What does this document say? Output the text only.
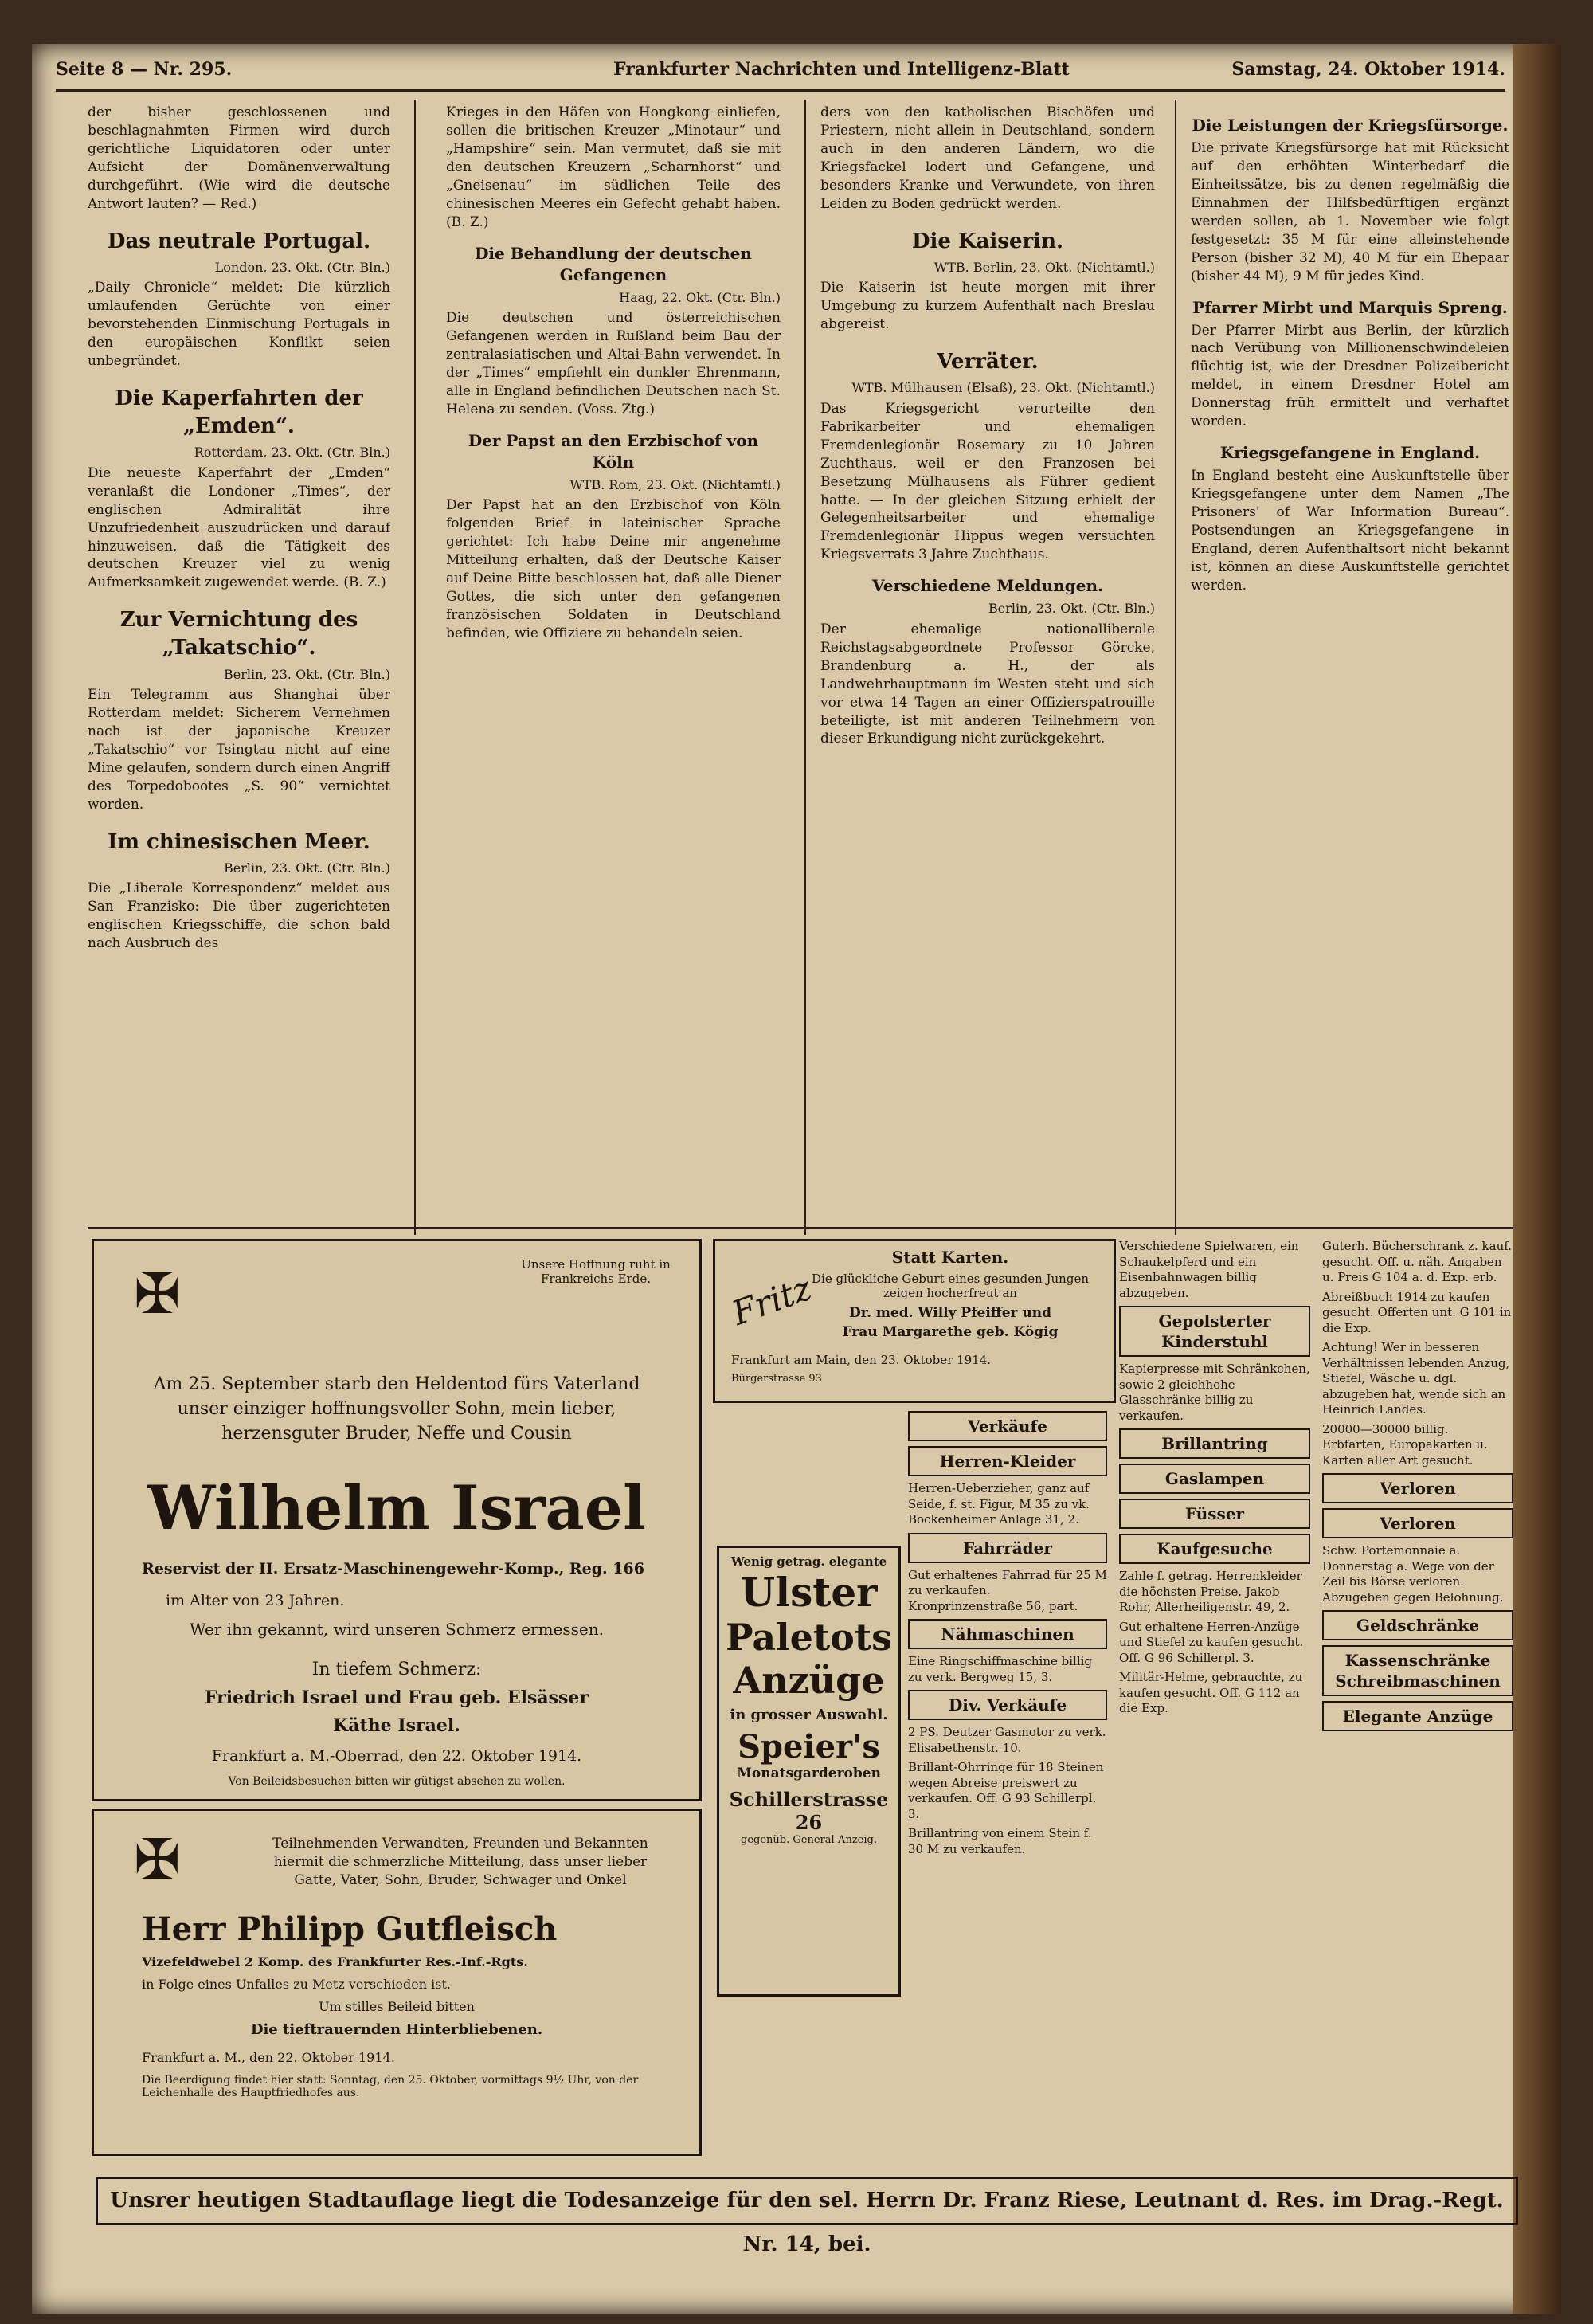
Seite 8 — Nr. 295.	Frankfurter Nachrichten und Intelligenz-Blatt	Samstag, 24. Oktober 1914.

der bisher geschlossenen und beschlagnahmten Firmen wird durch gerichtliche Liquidatoren oder unter Aufsicht der Domänenverwaltung durchgeführt. (Wie wird die deutsche Antwort lauten? — Red.)

Das neutrale Portugal.
London, 23. Okt. (Ctr. Bln.)

„Daily Chronicle“ meldet: Die kürzlich umlaufenden Gerüchte von einer bevorstehenden Einmischung Portugals in den europäischen Konflikt seien unbegründet.

Die Kaperfahrten der „Emden“.
Rotterdam, 23. Okt. (Ctr. Bln.)

Die neueste Kaperfahrt der „Emden“ veranlaßt die Londoner „Times“, der englischen Admiralität ihre Unzufriedenheit auszudrücken und darauf hinzuweisen, daß die Tätigkeit des deutschen Kreuzer viel zu wenig Aufmerksamkeit zugewendet werde. (B. Z.)

Zur Vernichtung des „Takatschio“.
Berlin, 23. Okt. (Ctr. Bln.)

Ein Telegramm aus Shanghai über Rotterdam meldet: Sicherem Vernehmen nach ist der japanische Kreuzer „Takatschio“ vor Tsingtau nicht auf eine Mine gelaufen, sondern durch einen Angriff des Torpedobootes „S. 90“ vernichtet worden.

Im chinesischen Meer.
Berlin, 23. Okt. (Ctr. Bln.)

Die „Liberale Korrespondenz“ meldet aus San Franzisko: Die über zugerichteten englischen Kriegsschiffe, die schon bald nach Ausbruch des

Krieges in den Häfen von Hongkong einliefen, sollen die britischen Kreuzer „Minotaur“ und „Hampshire“ sein. Man vermutet, daß sie mit den deutschen Kreuzern „Scharnhorst“ und „Gneisenau“ im südlichen Teile des chinesischen Meeres ein Gefecht gehabt haben. (B. Z.)

Die Behandlung der deutschen Gefangenen
Haag, 22. Okt. (Ctr. Bln.)

Die deutschen und österreichischen Gefangenen werden in Rußland beim Bau der zentralasiatischen und Altai-Bahn verwendet. In der „Times“ empfiehlt ein dunkler Ehrenmann, alle in England befindlichen Deutschen nach St. Helena zu senden. (Voss. Ztg.)

Der Papst an den Erzbischof von Köln
WTB. Rom, 23. Okt. (Nichtamtl.)

Der Papst hat an den Erzbischof von Köln folgenden Brief in lateinischer Sprache gerichtet: Ich habe Deine mir angenehme Mitteilung erhalten, daß der Deutsche Kaiser auf Deine Bitte beschlossen hat, daß alle Diener Gottes, die sich unter den gefangenen französischen Soldaten in Deutschland befinden, wie Offiziere zu behandeln seien.

ders von den katholischen Bischöfen und Priestern, nicht allein in Deutschland, sondern auch in den anderen Ländern, wo die Kriegsfackel lodert und Gefangene, und besonders Kranke und Verwundete, von ihren Leiden zu Boden gedrückt werden.

Die Kaiserin.
WTB. Berlin, 23. Okt. (Nichtamtl.)

Die Kaiserin ist heute morgen mit ihrer Umgebung zu kurzem Aufenthalt nach Breslau abgereist.

Verräter.
WTB. Mülhausen (Elsaß), 23. Okt. (Nichtamtl.)

Das Kriegsgericht verurteilte den Fabrikarbeiter und ehemaligen Fremdenlegionär Rosemary zu 10 Jahren Zuchthaus, weil er den Franzosen bei Besetzung Mülhausens als Führer gedient hatte. — In der gleichen Sitzung erhielt der Gelegenheitsarbeiter und ehemalige Fremdenlegionär Hippus wegen versuchten Kriegsverrats 3 Jahre Zuchthaus.

Verschiedene Meldungen.
Berlin, 23. Okt. (Ctr. Bln.)

Der ehemalige nationalliberale Reichstagsabgeordnete Professor Görcke, Brandenburg a. H., der als Landwehrhauptmann im Westen steht und sich vor etwa 14 Tagen an einer Offizierspatrouille beteiligte, ist mit anderen Teilnehmern von dieser Erkundigung nicht zurückgekehrt.

Die Leistungen der Kriegsfürsorge.

Die private Kriegsfürsorge hat mit Rücksicht auf den erhöhten Winterbedarf die Einheitssätze, bis zu denen regelmäßig die Einnahmen der Hilfsbedürftigen ergänzt werden sollen, ab 1. November wie folgt festgesetzt: 35 M für eine alleinstehende Person (bisher 32 M), 40 M für ein Ehepaar (bisher 44 M), 9 M für jedes Kind.

Pfarrer Mirbt und Marquis Spreng.

Der Pfarrer Mirbt aus Berlin, der kürzlich nach Verübung von Millionenschwindeleien flüchtig ist, wie der Dresdner Polizeibericht meldet, in einem Dresdner Hotel am Donnerstag früh ermittelt und verhaftet worden.

Kriegsgefangene in England.

In England besteht eine Auskunftstelle über Kriegsgefangene unter dem Namen „The Prisoners' of War Information Bureau“. Postsendungen an Kriegsgefangene in England, deren Aufenthaltsort nicht bekannt ist, können an diese Auskunftstelle gerichtet werden.

✠	Unsere Hoffnung ruht in Frankreichs Erde.
Am 25. September starb den Heldentod fürs Vaterland unser einziger hoffnungsvoller Sohn, mein lieber, herzensguter Bruder, Neffe und Cousin
Wilhelm Israel
Reservist der II. Ersatz-Maschinengewehr-Komp., Reg. 166
im Alter von 23 Jahren.
Wer ihn gekannt, wird unseren Schmerz ermessen.
In tiefem Schmerz:
Friedrich Israel und Frau geb. Elsässer
Käthe Israel.
Frankfurt a. M.-Oberrad, den 22. Oktober 1914.
Von Beileidsbesuchen bitten wir gütigst absehen zu wollen.
✠	Teilnehmenden Verwandten, Freunden und Bekannten hiermit die schmerzliche Mitteilung, dass unser lieber Gatte, Vater, Sohn, Bruder, Schwager und Onkel
Herr Philipp Gutfleisch
Vizefeldwebel 2 Komp. des Frankfurter Res.-Inf.-Rgts.
in Folge eines Unfalles zu Metz verschieden ist.
Um stilles Beileid bitten
Die tieftrauernden Hinterbliebenen.
Frankfurt a. M., den 22. Oktober 1914.
Die Beerdigung findet hier statt: Sonntag, den 25. Oktober, vormittags 9½ Uhr, von der Leichenhalle des Hauptfriedhofes aus.
Fritz
Statt Karten.
Die glückliche Geburt eines gesunden Jungen zeigen hocherfreut an
Dr. med. Willy Pfeiffer und
Frau Margarethe geb. Kögig
Frankfurt am Main, den 23. Oktober 1914.
Bürgerstrasse 93
Wenig getrag. elegante
Ulster
Paletots
Anzüge
in grosser Auswahl.
Speier's
Monatsgarderoben
Schillerstrasse 26
gegenüb. General-Anzeig.
Verkäufe
Herren-Kleider

Herren-Ueberzieher, ganz auf Seide, f. st. Figur, M 35 zu vk. Bockenheimer Anlage 31, 2.

Fahrräder

Gut erhaltenes Fahrrad für 25 M zu verkaufen. Kronprinzenstraße 56, part.

Nähmaschinen

Eine Ringschiffmaschine billig zu verk. Bergweg 15, 3.

Div. Verkäufe

2 PS. Deutzer Gasmotor zu verk. Elisabethenstr. 10.

Brillant-Ohrringe für 18 Steinen wegen Abreise preiswert zu verkaufen. Off. G 93 Schillerpl. 3.

Brillantring von einem Stein f. 30 M zu verkaufen.

Verschiedene Spielwaren, ein Schaukelpferd und ein Eisenbahnwagen billig abzugeben.

Gepolsterter Kinderstuhl

Kapierpresse mit Schränkchen, sowie 2 gleichhohe Glasschränke billig zu verkaufen.

Brillantring
Gaslampen
Füsser
Kaufgesuche

Zahle f. getrag. Herrenkleider die höchsten Preise. Jakob Rohr, Allerheiligenstr. 49, 2.

Gut erhaltene Herren-Anzüge und Stiefel zu kaufen gesucht. Off. G 96 Schillerpl. 3.

Militär-Helme, gebrauchte, zu kaufen gesucht. Off. G 112 an die Exp.

Guterh. Bücherschrank z. kauf. gesucht. Off. u. näh. Angaben u. Preis G 104 a. d. Exp. erb.

Abreißbuch 1914 zu kaufen gesucht. Offerten unt. G 101 in die Exp.

Achtung! Wer in besseren Verhältnissen lebenden Anzug, Stiefel, Wäsche u. dgl. abzugeben hat, wende sich an Heinrich Landes.

20000—30000 billig. Erbfarten, Europakarten u. Karten aller Art gesucht.

Verloren
Verloren

Schw. Portemonnaie a. Donnerstag a. Wege von der Zeil bis Börse verloren. Abzugeben gegen Belohnung.

Geldschränke
Kassenschränke Schreibmaschinen
Elegante Anzüge
Unsrer heutigen Stadtauflage liegt die Todesanzeige für den sel. Herrn Dr. Franz Riese, Leutnant d. Res. im Drag.-Regt. Nr. 14, bei.
